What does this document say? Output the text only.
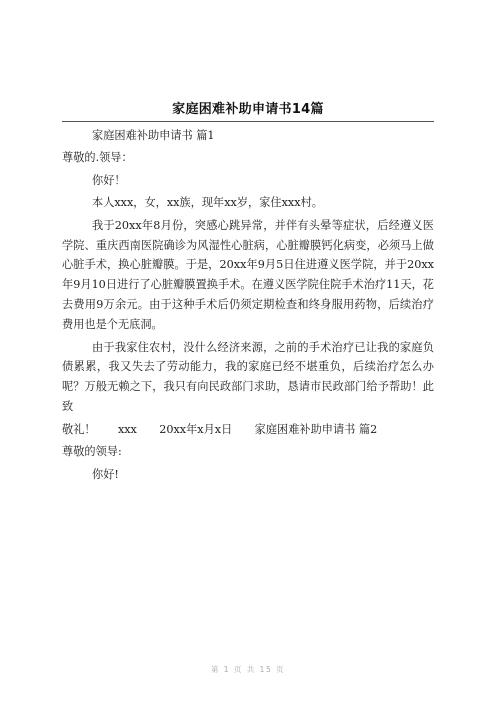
家庭困难补助申请书14篇

家庭困难补助申请书 篇1

尊敬的.领导：

你好！

本人xxx，女，xx族，现年xx岁，家住xxx村。

我于20xx年8月份，突感心跳异常，并伴有头晕等症状，后经遵义医学院、重庆西南医院确诊为风湿性心脏病，心脏瓣膜钙化病变，必须马上做心脏手术，换心脏瓣膜。于是，20xx年9月5日住进遵义医学院，并于20xx年9月10日进行了心脏瓣膜置换手术。在遵义医学院住院手术治疗11天，花去费用9万余元。由于这种手术后仍须定期检查和终身服用药物，后续治疗费用也是个无底洞。

由于我家住农村，没什么经济来源，之前的手术治疗已让我的家庭负债累累，我又失去了劳动能力，我的家庭已经不堪重负，后续治疗怎么办呢？万般无赖之下，我只有向民政部门求助，恳请市民政部门给予帮助！此致

敬礼！　　xxx　　20xx年x月x日　　家庭困难补助申请书 篇2

尊敬的领导:

你好!

第 1 页 共 15 页
